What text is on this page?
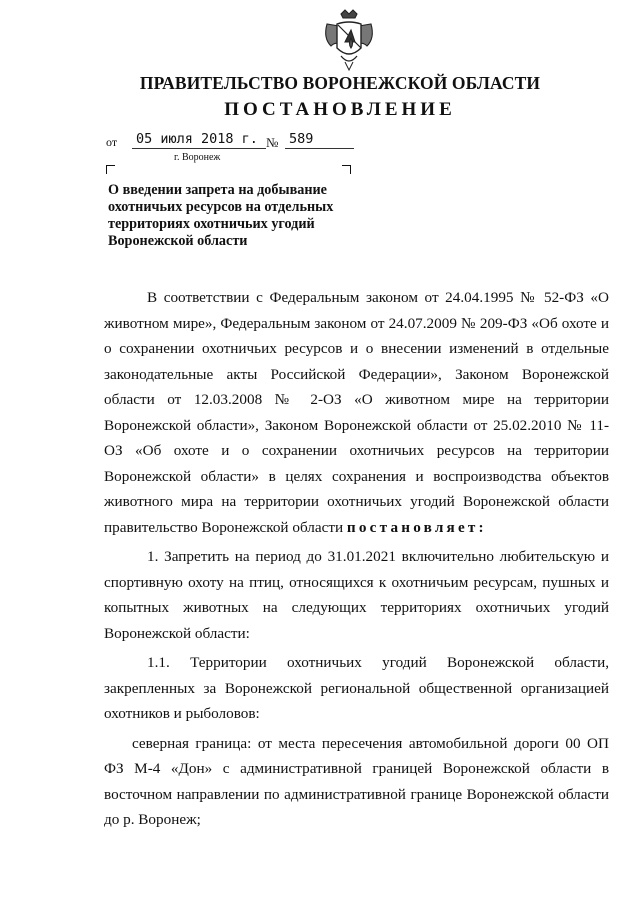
ПРАВИТЕЛЬСТВО ВОРОНЕЖСКОЙ ОБЛАСТИ
ПОСТАНОВЛЕНИЕ
от 05 июля 2018 г. № 589
г. Воронеж
О введении запрета на добывание охотничьих ресурсов на отдельных территориях охотничьих угодий Воронежской области

В соответствии с Федеральным законом от 24.04.1995 № 52-ФЗ «О животном мире», Федеральным законом от 24.07.2009 № 209-ФЗ «Об охоте и о сохранении охотничьих ресурсов и о внесении изменений в отдельные законодательные акты Российской Федерации», Законом Воронежской области от 12.03.2008 № 2-ОЗ «О животном мире на территории Воронежской области», Законом Воронежской области от 25.02.2010 № 11-ОЗ «Об охоте и о сохранении охотничьих ресурсов на территории Воронежской области» в целях сохранения и воспроизводства объектов животного мира на территории охотничьих угодий Воронежской области правительство Воронежской области постановляет:

1. Запретить на период до 31.01.2021 включительно любительскую и спортивную охоту на птиц, относящихся к охотничьим ресурсам, пушных и копытных животных на следующих территориях охотничьих угодий Воронежской области:

1.1. Территории охотничьих угодий Воронежской области, закрепленных за Воронежской региональной общественной организацией охотников и рыболовов:

северная граница: от места пересечения автомобильной дороги 00 ОП ФЗ М-4 «Дон» с административной границей Воронежской области в восточном направлении по административной границе Воронежской области до р. Воронеж;
